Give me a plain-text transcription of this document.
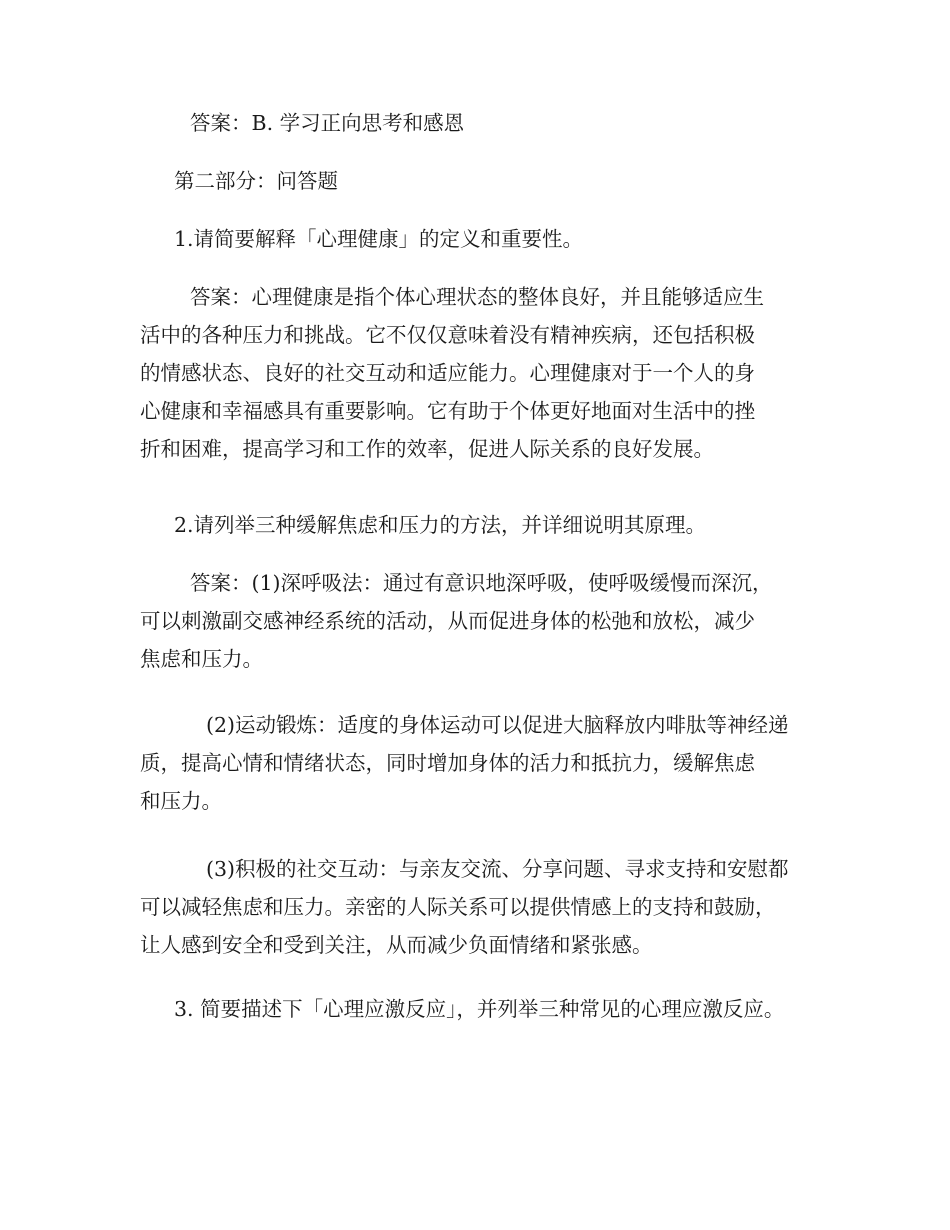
答案：B. 学习正向思考和感恩

第二部分：问答题

1.请简要解释「心理健康」的定义和重要性。

答案：心理健康是指个体心理状态的整体良好，并且能够适应生
活中的各种压力和挑战。它不仅仅意味着没有精神疾病，还包括积极
的情感状态、良好的社交互动和适应能力。心理健康对于一个人的身
心健康和幸福感具有重要影响。它有助于个体更好地面对生活中的挫
折和困难，提高学习和工作的效率，促进人际关系的良好发展。

2.请列举三种缓解焦虑和压力的方法，并详细说明其原理。

答案：(1)深呼吸法：通过有意识地深呼吸，使呼吸缓慢而深沉，
可以刺激副交感神经系统的活动，从而促进身体的松弛和放松，减少
焦虑和压力。

(2)运动锻炼：适度的身体运动可以促进大脑释放内啡肽等神经递
质，提高心情和情绪状态，同时增加身体的活力和抵抗力，缓解焦虑
和压力。

(3)积极的社交互动：与亲友交流、分享问题、寻求支持和安慰都
可以减轻焦虑和压力。亲密的人际关系可以提供情感上的支持和鼓励，
让人感到安全和受到关注，从而减少负面情绪和紧张感。

3. 简要描述下「心理应激反应」，并列举三种常见的心理应激反应。
